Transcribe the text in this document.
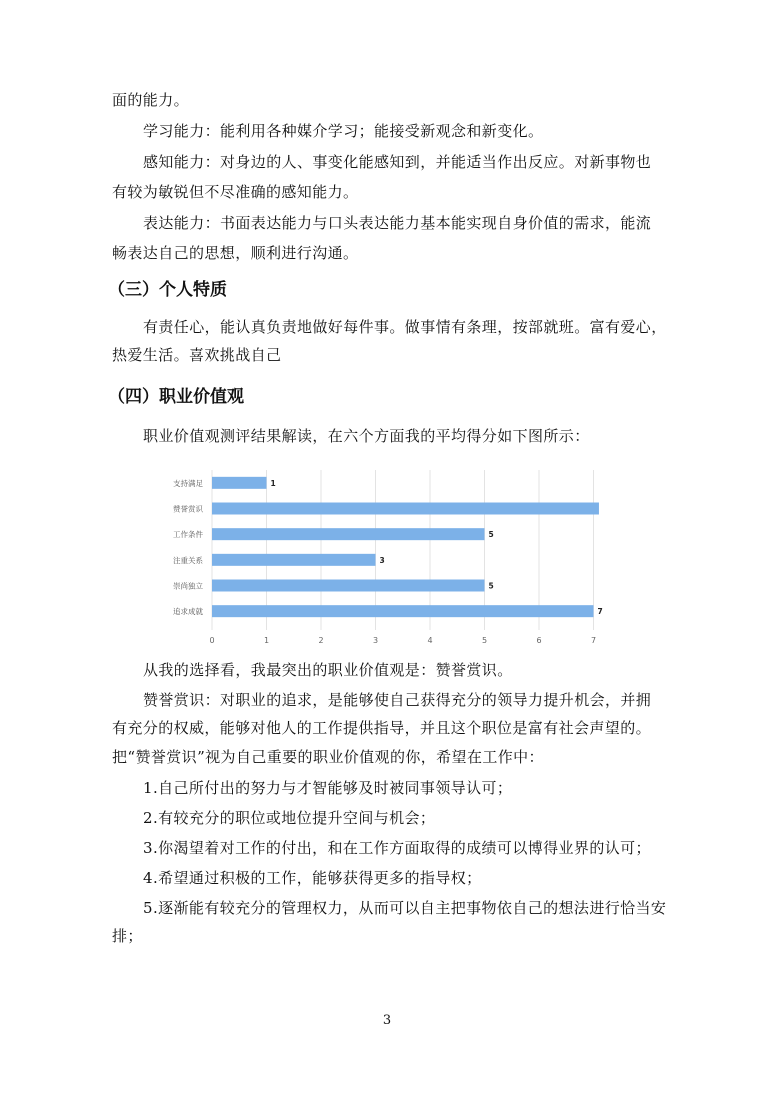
面的能力。
学习能力：能利用各种媒介学习；能接受新观念和新变化。
感知能力：对身边的人、事变化能感知到，并能适当作出反应。对新事物也
有较为敏锐但不尽准确的感知能力。
表达能力：书面表达能力与口头表达能力基本能实现自身价值的需求，能流
畅表达自己的思想，顺利进行沟通。
（三）个人特质
有责任心，能认真负责地做好每件事。做事情有条理，按部就班。富有爱心，
热爱生活。喜欢挑战自己
（四）职业价值观
职业价值观测评结果解读，在六个方面我的平均得分如下图所示：
0	1	2	3	4	5	6	7
支持满足	1
赞誉赏识
工作条件	5
注重关系	3
崇尚独立	5
追求成就	7
从我的选择看，我最突出的职业价值观是：赞誉赏识。
赞誉赏识：对职业的追求，是能够使自己获得充分的领导力提升机会，并拥
有充分的权威，能够对他人的工作提供指导，并且这个职位是富有社会声望的。
把“赞誉赏识”视为自己重要的职业价值观的你，希望在工作中：
1.自己所付出的努力与才智能够及时被同事领导认可；
2.有较充分的职位或地位提升空间与机会；
3.你渴望着对工作的付出，和在工作方面取得的成绩可以博得业界的认可；
4.希望通过积极的工作，能够获得更多的指导权；
5.逐渐能有较充分的管理权力，从而可以自主把事物依自己的想法进行恰当安
排；
3
